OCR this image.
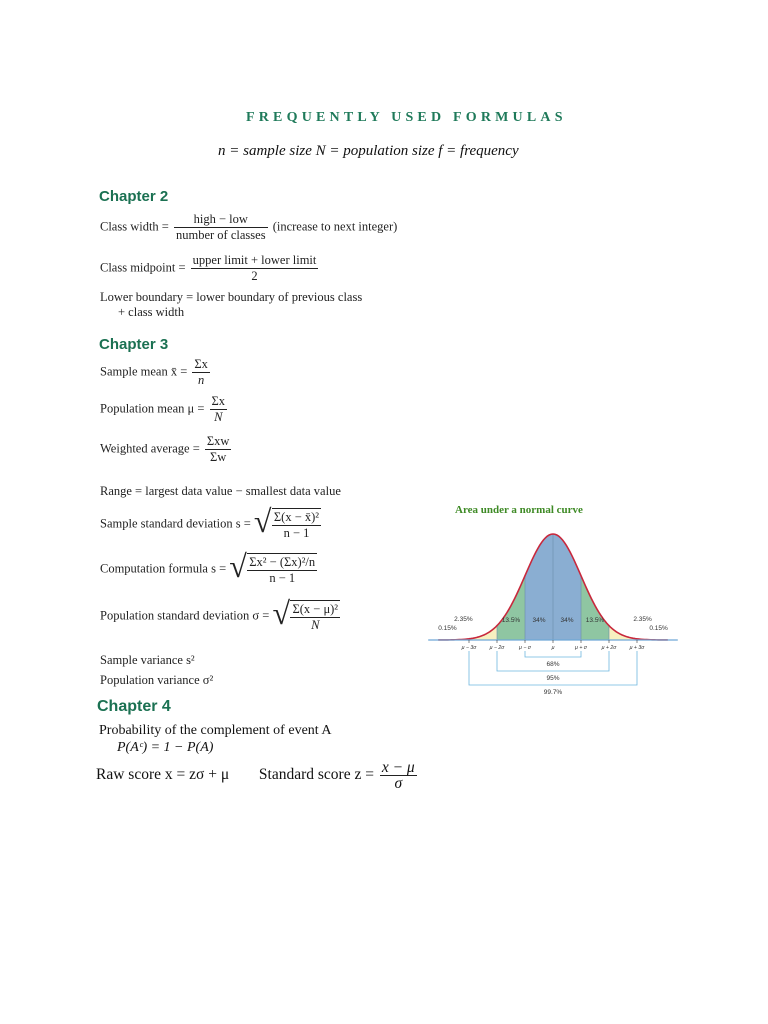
FREQUENTLY USED FORMULAS
n = sample size N = population size f = frequency
Chapter 2
Class width = $\frac{\text{high − low}}{\text{number of classes}}$ (increase to next integer)
Class midpoint = $\frac{\text{upper limit + lower limit}}{2}$
Lower boundary = lower boundary of previous class
+ class width
Chapter 3
Sample mean x̄ = $\frac{\Sigma x}{n}$
Population mean $\mu = \frac{\Sigma x}{N}$
Weighted average = $\frac{\text{Σxw}}{\Sigma w}$
Range = largest data value − smallest data value
Sample standard deviation s = √ $\frac{\text{Σ(x − x̄)²}}{n - 1}$
Computation formula s = √ $\frac{\text{Σx² − (Σx)²/n}}{n - 1}$
Population standard deviation σ = √ $\frac{\text{Σ(x − μ)²}}{N}$
Sample variance s²
Population variance σ²
Chapter 4
Probability of the complement of event A
P(Aᶜ) = 1 − P(A)
Raw score x = zσ + μ Standard score $z = \frac{x - \mu}{\sigma}$
Area under a normal curve
0.15%
2.35%	13.5% 34% 34% 13.5%	2.35%
0.15%
μ − 3σ	μ − 2σ	μ − σ	μ	μ + σ	μ + 2σ	μ + 3σ
68%
95%
99.7%
